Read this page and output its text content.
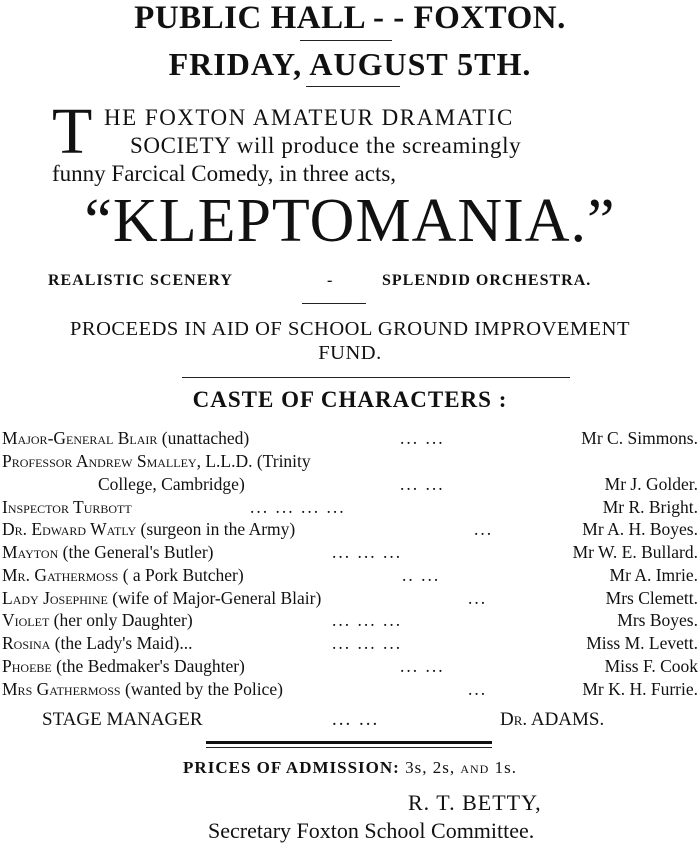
PUBLIC HALL - - FOXTON.
FRIDAY, AUGUST 5TH.
T HE FOXTON AMATEUR DRAMATIC
SOCIETY will produce the screamingly
funny Farcical Comedy, in three acts,
“KLEPTOMANIA.”
REALISTIC SCENERY	-	SPLENDID ORCHESTRA.
PROCEEDS IN AID OF SCHOOL GROUND IMPROVEMENT
FUND.
CASTE OF CHARACTERS :
Major-General Blair (unattached)	... ...	Mr C. Simmons.
Professor Andrew Smalley, L.L.D. (Trinity
College, Cambridge)	... ...	Mr J. Golder.
Inspector Turbott	... ... ... ...	Mr R. Bright.
Dr. Edward Watly (surgeon in the Army)	...	Mr A. H. Boyes.
Mayton (the General's Butler)	... ... ...	Mr W. E. Bullard.
Mr. Gathermoss ( a Pork Butcher)	.. ...	Mr A. Imrie.
Lady Josephine (wife of Major-General Blair)	...	Mrs Clemett.
Violet (her only Daughter)	... ... ...	Mrs Boyes.
Rosina (the Lady's Maid)...	... ... ...	Miss M. Levett.
Phoebe (the Bedmaker's Daughter)	... ...	Miss F. Cook
Mrs Gathermoss (wanted by the Police)	...	Mr K. H. Furrie.
STAGE MANAGER	... ...	Dr. ADAMS.
PRICES OF ADMISSION: 3s, 2s, and 1s.
R. T. BETTY,
Secretary Foxton School Committee.
